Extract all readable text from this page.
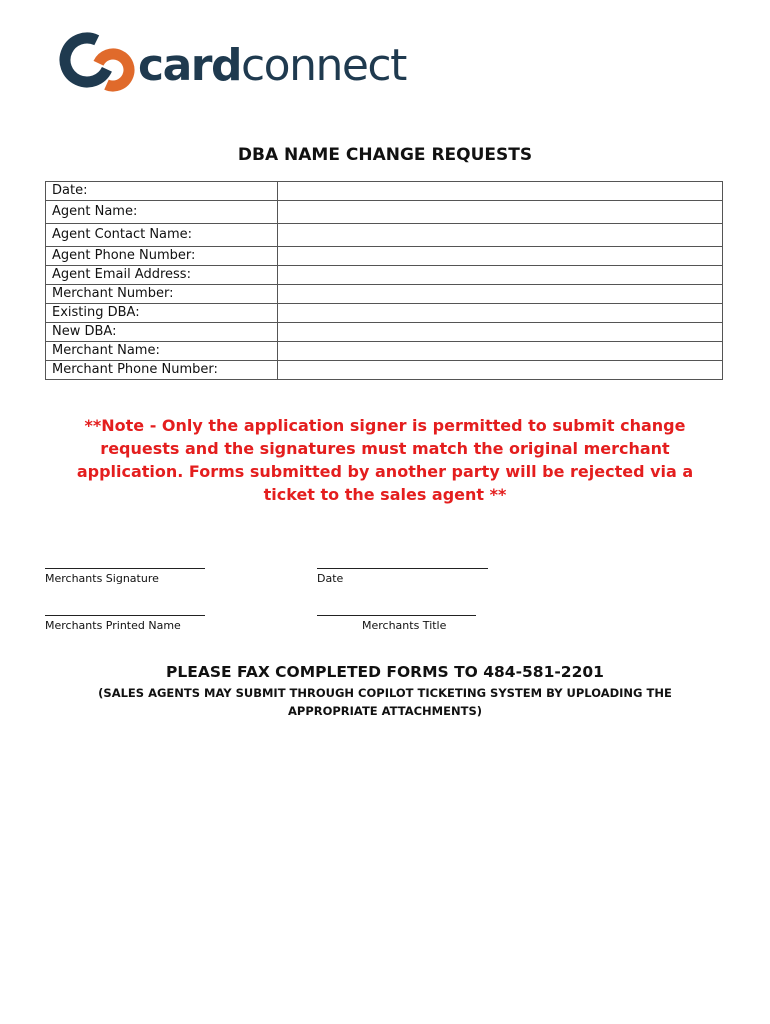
cardconnect
DBA NAME CHANGE REQUESTS
Date:	
Agent Name:	
Agent Contact Name:	
Agent Phone Number:	
Agent Email Address:	
Merchant Number:	
Existing DBA:	
New DBA:	
Merchant Name:	
Merchant Phone Number:	
**Note - Only the application signer is permitted to submit change requests and the signatures must match the original merchant application. Forms submitted by another party will be rejected via a ticket to the sales agent **
Merchants Signature	Date
Merchants Printed Name	Merchants Title
PLEASE FAX COMPLETED FORMS TO 484-581-2201
(SALES AGENTS MAY SUBMIT THROUGH COPILOT TICKETING SYSTEM BY UPLOADING THE APPROPRIATE ATTACHMENTS)
